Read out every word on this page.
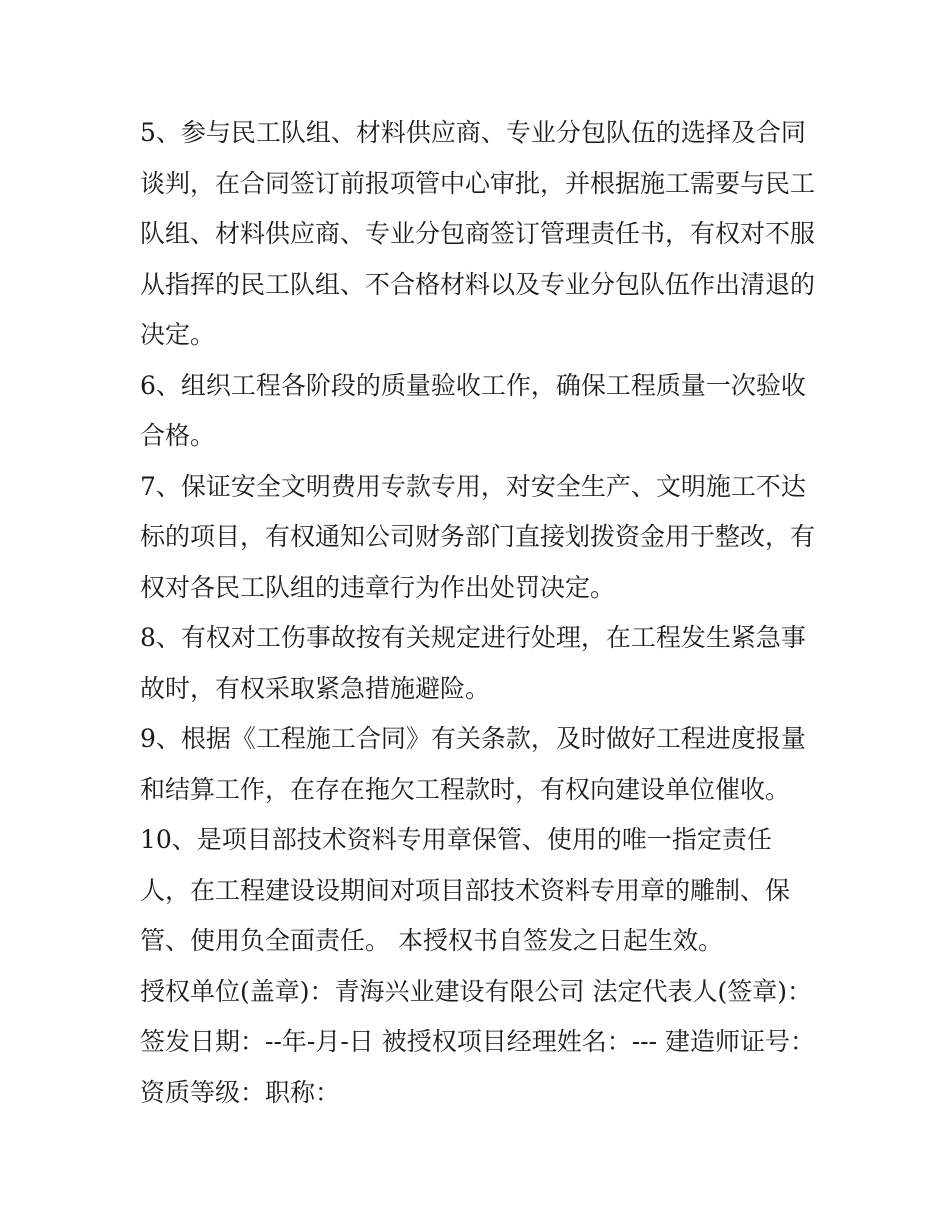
5、参与民工队组、材料供应商、专业分包队伍的选择及合同谈判，在合同签订前报项管中心审批，并根据施工需要与民工队组、材料供应商、专业分包商签订管理责任书，有权对不服从指挥的民工队组、不合格材料以及专业分包队伍作出清退的决定。

6、组织工程各阶段的质量验收工作，确保工程质量一次验收合格。

7、保证安全文明费用专款专用，对安全生产、文明施工不达标的项目，有权通知公司财务部门直接划拨资金用于整改，有权对各民工队组的违章行为作出处罚决定。

8、有权对工伤事故按有关规定进行处理，在工程发生紧急事故时，有权采取紧急措施避险。

9、根据《工程施工合同》有关条款，及时做好工程进度报量和结算工作，在存在拖欠工程款时，有权向建设单位催收。

10、是项目部技术资料专用章保管、使用的唯一指定责任人，在工程建设设期间对项目部技术资料专用章的雕制、保管、使用负全面责任。 本授权书自签发之日起生效。

授权单位(盖章)：青海兴业建设有限公司 法定代表人(签章)：

签发日期：--年-月-日 被授权项目经理姓名：--- 建造师证号：

资质等级：职称：
